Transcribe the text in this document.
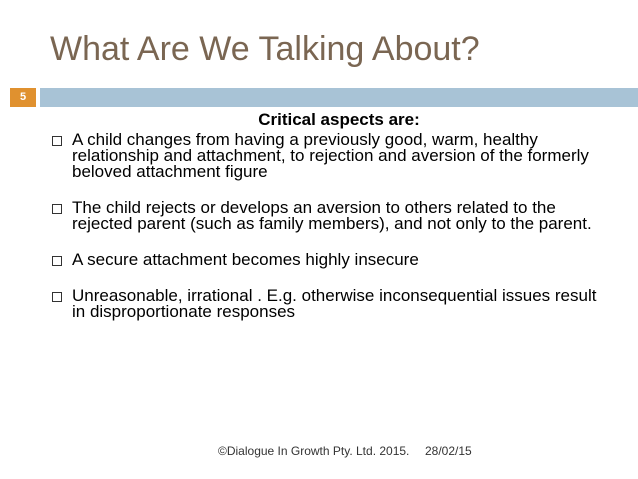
What Are We Talking About?
5
Critical aspects are:
A child changes from having a previously good, warm, healthy relationship and attachment, to rejection and aversion of the formerly beloved attachment figure
The child rejects or develops an aversion to others related to the rejected parent (such as family members), and not only to the parent.
A secure attachment becomes highly insecure
Unreasonable, irrational . E.g. otherwise inconsequential issues result in disproportionate responses
©Dialogue In Growth Pty. Ltd. 2015. 28/02/15
